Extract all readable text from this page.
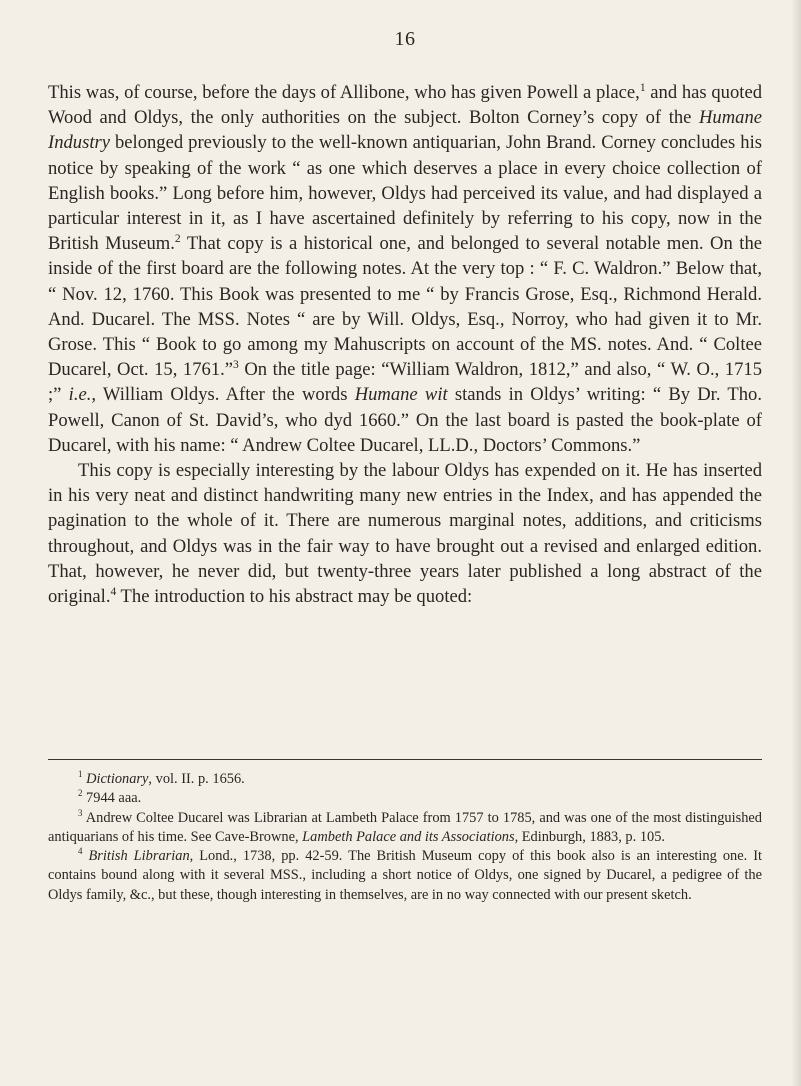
16

This was, of course, before the days of Allibone, who has given Powell a place,$^1$ and has quoted Wood and Oldys, the only authorities on the subject. Bolton Corney’s copy of the Humane Industry belonged previously to the well-known antiquarian, John Brand. Corney concludes his notice by speaking of the work “ as one which deserves a place in every choice collection of English books.” Long before him, however, Oldys had perceived its value, and had displayed a particular interest in it, as I have ascertained definitely by referring to his copy, now in the British Museum.$^2$ That copy is a historical one, and belonged to several notable men. On the inside of the first board are the following notes. At the very top : “ F. C. Waldron.” Below that, “ Nov. 12, 1760. This Book was presented to me “ by Francis Grose, Esq., Richmond Herald. And. Ducarel. The MSS. Notes “ are by Will. Oldys, Esq., Norroy, who had given it to Mr. Grose. This “ Book to go among my Mahuscripts on account of the MS. notes. And. “ Coltee Ducarel, Oct. 15, 1761.”$^3$ On the title page: “William Waldron, 1812,” and also, “ W. O., 1715 ;” i.e., William Oldys. After the words Humane wit stands in Oldys’ writing: “ By Dr. Tho. Powell, Canon of St. David’s, who dyd 1660.” On the last board is pasted the book-plate of Ducarel, with his name: “ Andrew Coltee Ducarel, LL.D., Doctors’ Commons.”

This copy is especially interesting by the labour Oldys has expended on it. He has inserted in his very neat and distinct handwriting many new entries in the Index, and has appended the pagination to the whole of it. There are numerous marginal notes, additions, and criticisms throughout, and Oldys was in the fair way to have brought out a revised and enlarged edition. That, however, he never did, but twenty-three years later published a long abstract of the original.$^4$ The introduction to his abstract may be quoted:

$^1$ Dictionary, vol. II. p. 1656.

$^2$ 7944 aaa.

$^3$ Andrew Coltee Ducarel was Librarian at Lambeth Palace from 1757 to 1785, and was one of the most distinguished antiquarians of his time. See Cave-Browne, Lambeth Palace and its Associations, Edinburgh, 1883, p. 105.

$^4$ British Librarian, Lond., 1738, pp. 42-59. The British Museum copy of this book also is an interesting one. It contains bound along with it several MSS., including a short notice of Oldys, one signed by Ducarel, a pedigree of the Oldys family, &c., but these, though interesting in themselves, are in no way connected with our present sketch.
